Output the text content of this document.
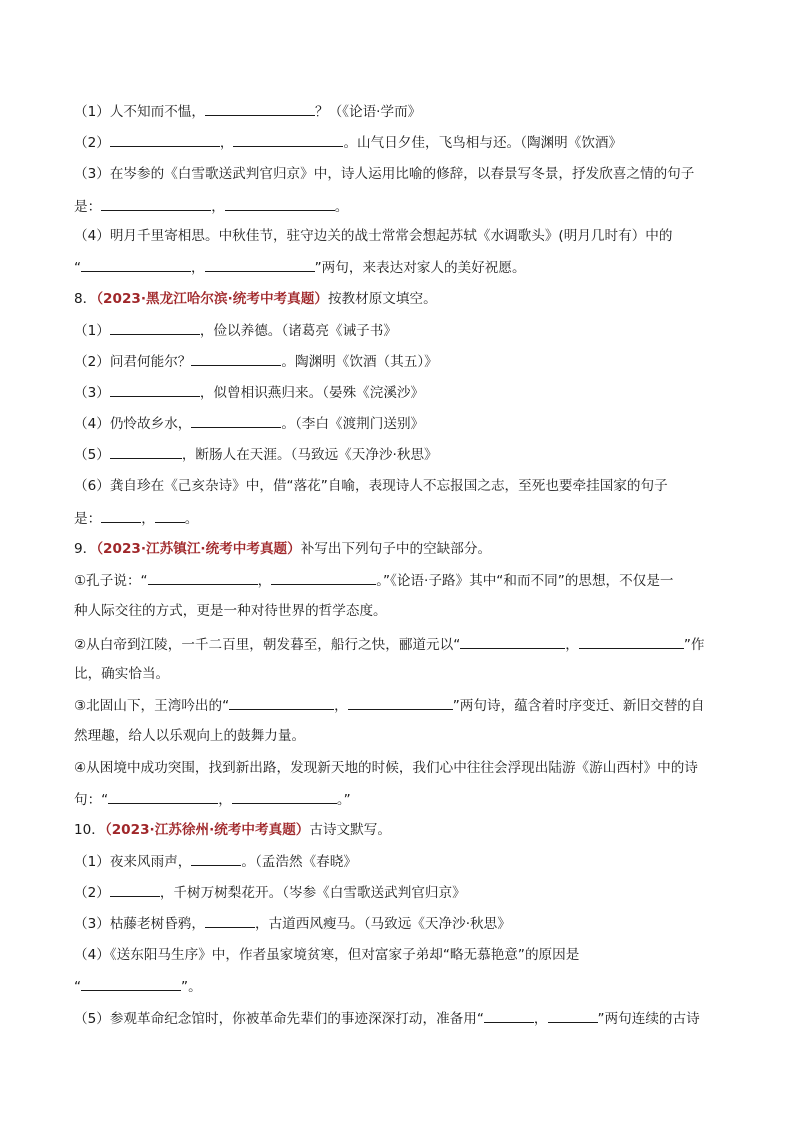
（1）人不知而不愠，	？（《论语·学而》
（2）	，	。山气日夕佳，飞鸟相与还。（陶渊明《饮酒》
（3）在岑参的《白雪歌送武判官归京》中，诗人运用比喻的修辞，以春景写冬景，抒发欣喜之情的句子
是：	，	。
（4）明月千里寄相思。中秋佳节，驻守边关的战士常常会想起苏轼《水调歌头》(明月几时有）中的
“	，	”两句，来表达对家人的美好祝愿。
8．（2023·黑龙江哈尔滨·统考中考真题）按教材原文填空。
（1）	，俭以养德。（诸葛亮《诫子书》
（2）问君何能尔？	。陶渊明《饮酒（其五）》
（3）	，似曾相识燕归来。（晏殊《浣溪沙》
（4）仍怜故乡水，	。（李白《渡荆门送别》
（5）	，断肠人在天涯。（马致远《天净沙·秋思》
（6）龚自珍在《己亥杂诗》中，借“落花”自喻，表现诗人不忘报国之志，至死也要牵挂国家的句子
是：	， 。
9．（2023·江苏镇江·统考中考真题）补写出下列句子中的空缺部分。
①孔子说：“	，	。”《论语·子路》其中“和而不同”的思想，不仅是一
种人际交往的方式，更是一种对待世界的哲学态度。
②从白帝到江陵，一千二百里，朝发暮至，船行之快，郦道元以“	，	”作
比，确实恰当。
③北固山下，王湾吟出的“	，	”两句诗，蕴含着时序变迁、新旧交替的自
然理趣，给人以乐观向上的鼓舞力量。
④从困境中成功突围，找到新出路，发现新天地的时候，我们心中往往会浮现出陆游《游山西村》中的诗
句：“	，	。”
10．（2023·江苏徐州·统考中考真题）古诗文默写。
（1）夜来风雨声，	。（孟浩然《春晓》
（2）	，千树万树梨花开。（岑参《白雪歌送武判官归京》
（3）枯藤老树昏鸦，	，古道西风瘦马。（马致远《天净沙·秋思》
（4）《送东阳马生序》中，作者虽家境贫寒，但对富家子弟却“略无慕艳意”的原因是
“	”。
（5）参观革命纪念馆时，你被革命先辈们的事迹深深打动，准备用“	，	”两句连续的古诗
